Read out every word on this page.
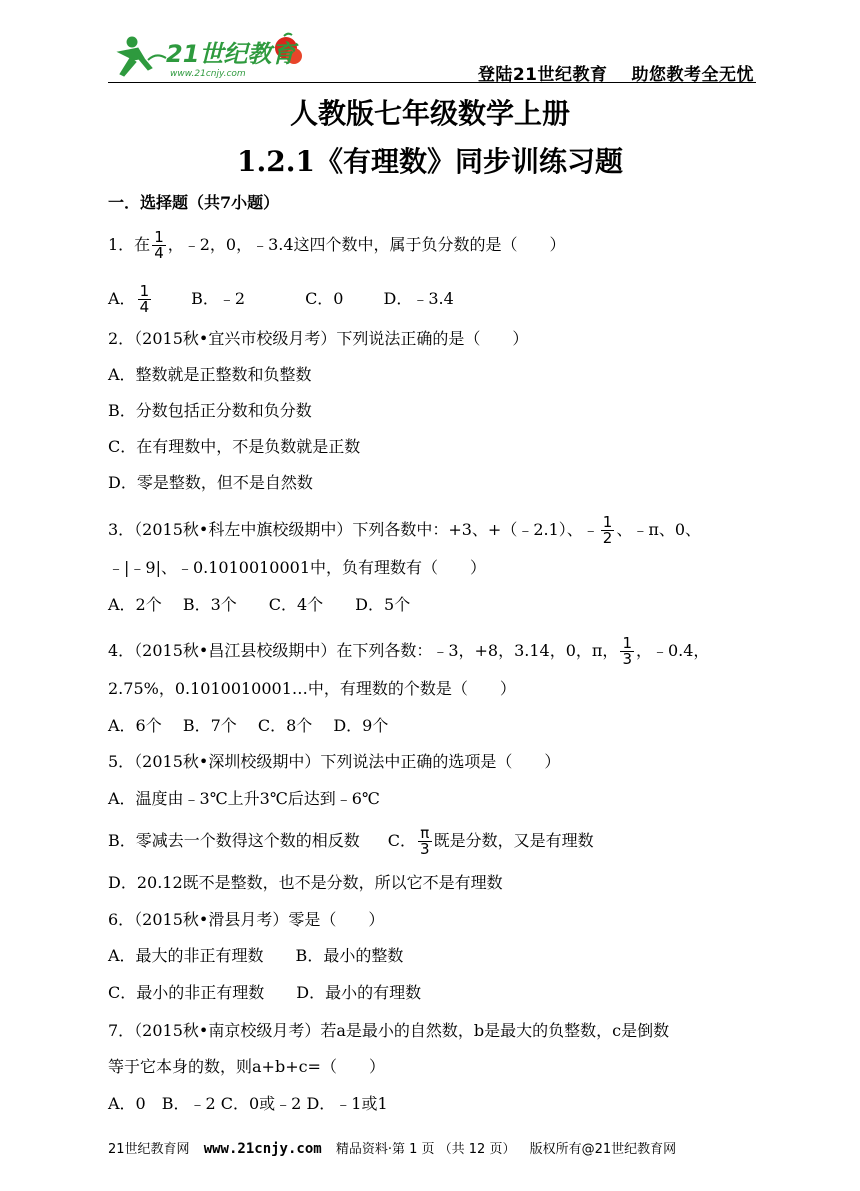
21世纪教育
www.21cnjy.com	登陆21世纪教育 助您教考全无忧
人教版七年级数学上册
1.2.1《有理数》同步训练习题
一．选择题（共7小题）
1．在 $\frac{1}{4}$ ，﹣2，0，﹣3.4这四个数中，属于负分数的是（　　）
A． $\frac{1}{4}$	B．﹣2	C．0	D．﹣3.4
2．（2015秋•宜兴市校级月考）下列说法正确的是（　　）
A．整数就是正整数和负整数
B．分数包括正分数和负分数
C．在有理数中，不是负数就是正数
D．零是整数，但不是自然数
3．（2015秋•科左中旗校级期中）下列各数中：+3、+（﹣2.1）、﹣ $\frac{1}{2}$ 、﹣π、0、
﹣|﹣9|、﹣0.1010010001中，负有理数有（　　）
A．2个　 B．3个　　C．4个　　D．5个
4．（2015秋•昌江县校级期中）在下列各数：﹣3，+8，3.14，0，π， $\frac{1}{3}$ ，﹣0.4，
2.75%，0.1010010001…中，有理数的个数是（　　）
A．6个　 B．7个　 C．8个　 D．9个
5．（2015秋•深圳校级期中）下列说法中正确的选项是（　　）
A．温度由﹣3℃上升3℃后达到﹣6℃
B．零减去一个数得这个数的相反数 C． $\frac{\pi}{3}$ 既是分数，又是有理数
D．20.12既不是整数，也不是分数，所以它不是有理数
6．（2015秋•滑县月考）零是（　　）
A．最大的非正有理数　　B．最小的整数
C．最小的非正有理数　　D．最小的有理数
7．（2015秋•南京校级月考）若a是最小的自然数，b是最大的负整数，c是倒数
等于它本身的数，则a+b+c=（　　）
A．0　B．﹣2 C．0或﹣2 D．﹣1或1
21世纪教育网 www.21cnjy.com 精品资料·第 1 页 （共 12 页） 版权所有@21世纪教育网
